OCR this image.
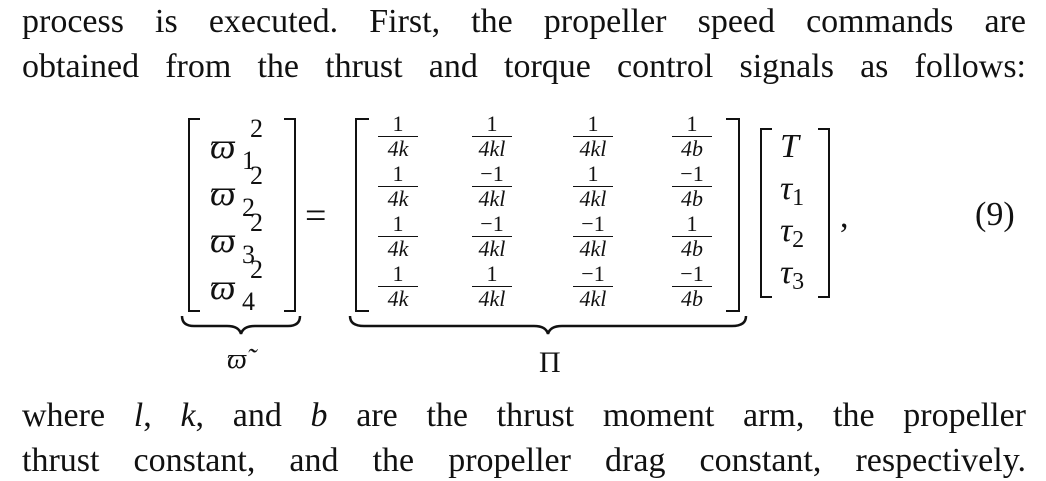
process is executed. First, the propeller speed commands are
obtained from the thrust and torque control signals as follows:
ϖ 2
1
ϖ 2
2
ϖ 2
3
ϖ 2
4
=
1
4k
1
4kl
1
4kl
1
4b
1
4k
−1
4kl
1
4kl
−1
4b
1
4k
−1
4kl
−1
4kl
1
4b
1
4k
1
4kl
−1
4kl
−1
4b
T
τ1
τ2
τ3
,	(9)
ϖ̃	Π
where l, k, and b are the thrust moment arm, the propeller
thrust constant, and the propeller drag constant, respectively.
